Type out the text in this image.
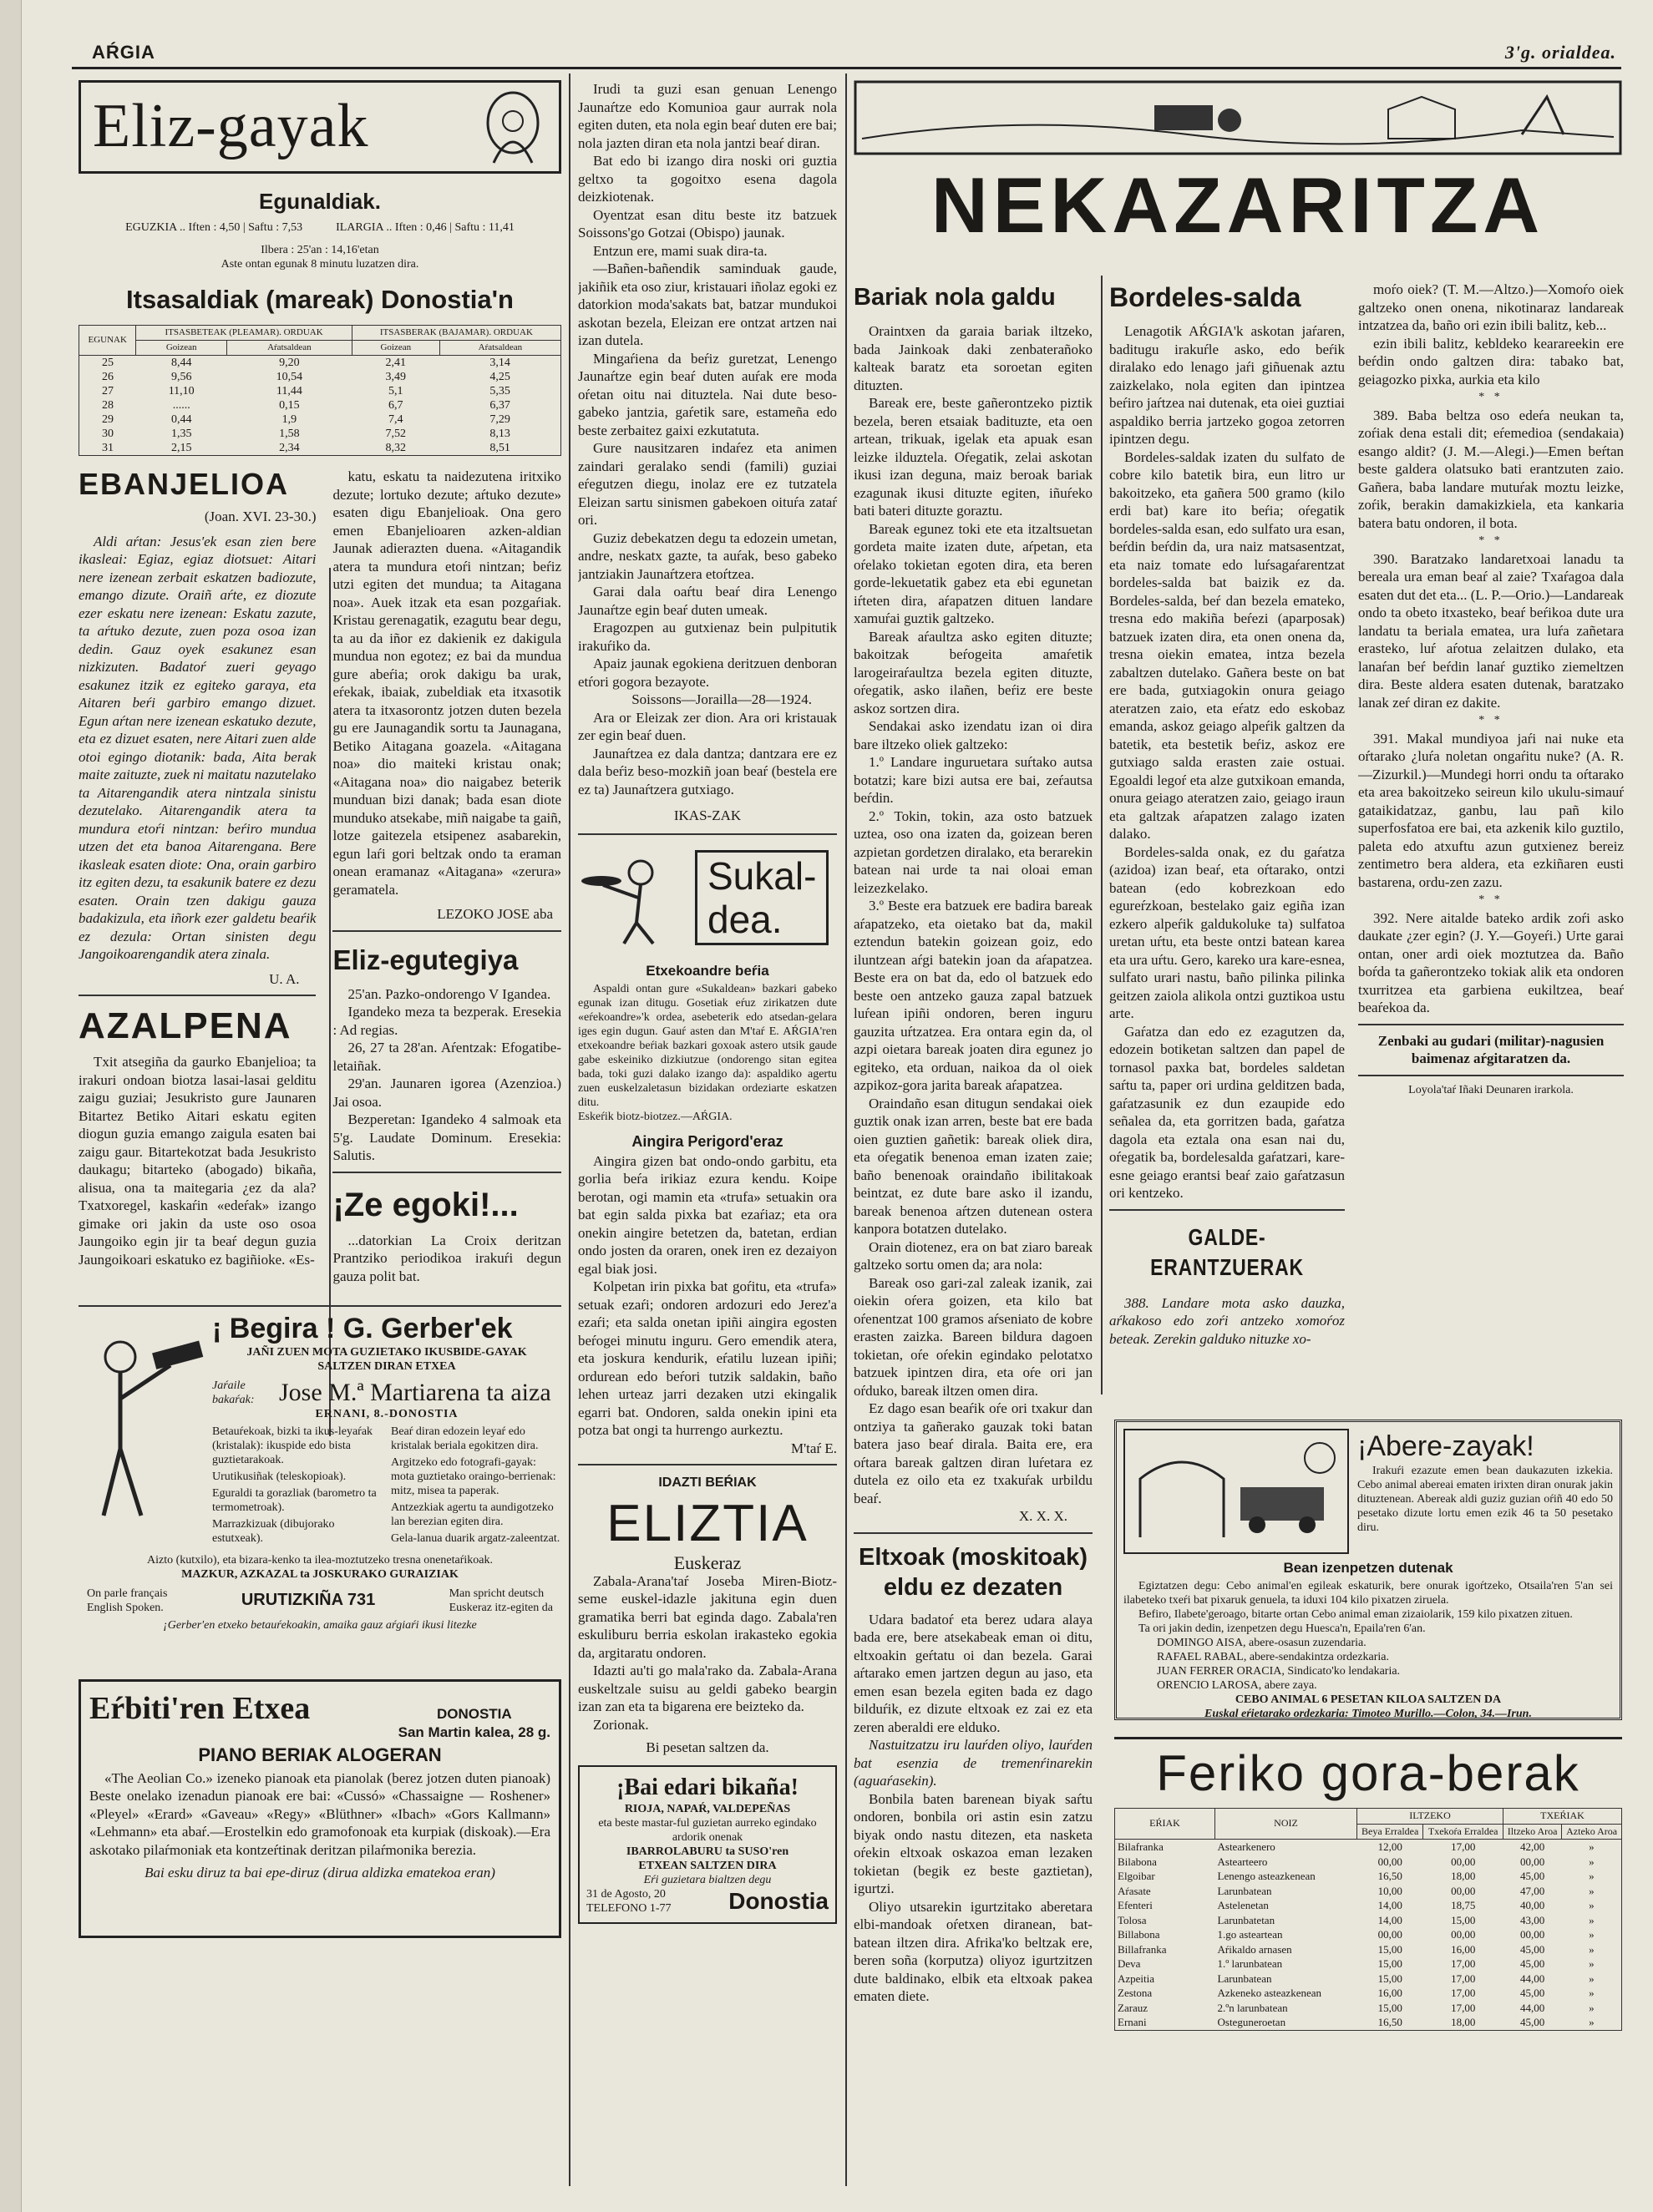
AŔGIA	3'g. orialdea.
Eliz-gayak
Egunaldiak.
EGUZKIA .. Iften : 4,50 | Saftu : 7,53	ILARGIA .. Iften : 0,46 | Saftu : 11,41
Ilbera : 25'an : 14,16'etan
Aste ontan egunak 8 minutu luzatzen dira.
Itsasaldiak (mareak) Donostia'n
EGUNAK	ITSASBETEAK (PLEAMAR). ORDUAK		ITSASBERAK (BAJAMAR). ORDUAK	
	Goizean	Aŕatsaldean	Goizean	Aŕatsaldean
25	8,44	9,20	2,41	3,14
26	9,56	10,54	3,49	4,25
27	11,10	11,44	5,1	5,35
28	......	0,15	6,7	6,37
29	0,44	1,9	7,4	7,29
30	1,35	1,58	7,52	8,13
31	2,15	2,34	8,32	8,51
EBANJELIOA
(Joan. XVI. 23-30.)

Aldi aŕtan: Jesus'ek esan zien bere ikasleai: Egiaz, egiaz diotsuet: Aitari nere izenean zerbait eskatzen badiozute, emango dizute. Oraiñ aŕte, ez diozute ezer eskatu nere izenean: Eskatu zazute, ta aŕtuko dezute, zuen poza osoa izan dedin. Gauz oyek esakunez esan nizkizuten. Badatoŕ zueri geyago esakunez itzik ez egiteko garaya, eta Aitaren beŕi garbiro emango dizuet. Egun aŕtan nere izenean eskatuko dezute, eta ez dizuet esaten, nere Aitari zuen alde otoi egingo diotanik: bada, Aita berak maite zaituzte, zuek ni maitatu nazutelako ta Aitarengandik atera nintzala sinistu dezutelako. Aitarengandik atera ta mundura etoŕi nintzan: beŕiro mundua utzen det eta banoa Aitarengana. Bere ikasleak esaten diote: Ona, orain garbiro itz egiten dezu, ta esakunik batere ez dezu esaten. Orain tzen dakigu gauza badakizula, eta iñork ezer galdetu beaŕik ez dezula: Ortan sinisten degu Jangoikoarengandik atera zinala.

U. A.
AZALPENA

Txit atsegiña da gaurko Ebanjelioa; ta irakuri ondoan biotza lasai-lasai gelditu zaigu guziai; Jesukristo gure Jaunaren Bitartez Betiko Aitari eskatu egiten diogun guzia emango zaigula esaten bai zaigu gaur. Bitartekotzat bada Jesukristo daukagu; bitarteko (abogado) bikaña, alisua, ona ta maitegaria ¿ez da ala? Txatxoregel, kaskaŕin «edeŕak» izango gimake ori jakin da uste oso osoa Jaungoiko egin jir ta beaŕ degun guzia Jaungoikoari eskatuko ez bagiñioke. «Es-

katu, eskatu ta naidezutena iritxiko dezute; lortuko dezute; aŕtuko dezute» esaten digu Ebanjelioak. Ona gero emen Ebanjelioaren azken-aldian Jaunak adierazten duena. «Aitagandik atera ta mundura etoŕi nintzan; beŕiz utzi egiten det mundua; ta Aitagana noa». Auek itzak eta esan pozgaŕiak. Kristau gerenagatik, ezagutu bear degu, ta au da iñor ez dakienik ez dakigula mundua non egotez; ez bai da mundua gure abeŕia; orok dakigu ba urak, eŕekak, ibaiak, zubeldiak eta itxasotik atera ta itxasorontz jotzen duten bezela gu ere Jaunagandik sortu ta Jaunagana, Betiko Aitagana goazela. «Aitagana noa» dio maiteki kristau onak; «Aitagana noa» dio naigabez beterik munduan bizi danak; bada esan diote munduko atsekabe, miñ naigabe ta gaiñ, lotze gaitezela etsipenez asabarekin, egun laŕi gori beltzak ondo ta eraman onean eramanaz «Aitagana» «zerura» geramatela.

LEZOKO JOSE aba
Eliz-egutegiya

25'an. Pazko-ondorengo V Igandea.

Igandeko meza ta bezperak. Eresekia : Ad regias.

26, 27 ta 28'an. Aŕentzak: Efogatibe-letaiñak.

29'an. Jaunaren igorea (Azenzioa.) Jai osoa.

Bezperetan: Igandeko 4 salmoak eta 5'g. Laudate Dominum. Eresekia: Salutis.

¡Ze egoki!...

...datorkian La Croix deritzan Prantziko periodikoa irakuŕi degun gauza polit bat.

¡ Begira ! G. Gerber'ek
JAÑI ZUEN MOTA GUZIETAKO IKUSBIDE-GAYAK
SALTZEN DIRAN ETXEA
Jaŕaile bakaŕak: Jose M.ª Martiarena ta aiza
ERNANI, 8.-DONOSTIA
Betauŕekoak, bizki ta ikus-leyaŕak (kristalak): ikuspide edo bista guztietarakoak.
Urutikusiñak (teleskopioak).
Eguraldi ta gorazliak (barometro ta termometroak).
Marrazkizuak (dibujorako estutxeak).
Beaŕ diran edozein leyaŕ edo kristalak beriala egokitzen dira.
Argitzeko edo fotografi-gayak: mota guztietako oraingo-berrienak: mitz, misea ta paperak.
Antzezkiak agertu ta aundigotzeko lan berezian egiten dira.
Gela-lanua duarik argatz-zaleentzat.
Aizto (kutxilo), eta bizara-kenko ta ilea-moztutzeko tresna onenetaŕikoak.
MAZKUR, AZKAZAL ta JOSKURAKO GURAIZIAK
On parle français
English Spoken.	URUTIZKIÑA 731	Man spricht deutsch
Euskeraz itz-egiten da
¡Gerber'en etxeko betauŕekoakin, amaika gauz aŕgiaŕi ikusi litezke
Eŕbiti'ren Etxea	DONOSTIA
San Martin kalea, 28 g.
PIANO BERIAK ALOGERAN

«The Aeolian Co.» izeneko pianoak eta pianolak (berez jotzen duten pianoak) Beste onelako izenadun pianoak ere bai: «Cussó» «Chassaigne — Roshener» «Pleyel» «Erard» «Gaveau» «Regy» «Blüthner» «Ibach» «Gors Kallmann» «Lehmann» eta abaŕ.—Erostelkin edo gramofonoak eta kurpiak (diskoak).—Era askotako pilaŕmoniak eta kontzeŕtinak deritzan pilaŕmonika berezia.

Bai esku diruz ta bai epe-diruz (dirua aldizka ematekoa eran)

Irudi ta guzi esan genuan Lenengo Jaunaŕtze edo Komunioa gaur aurrak nola egiten duten, eta nola egin beaŕ duten ere bai; nola jazten diran eta nola jantzi beaŕ diran.

Bat edo bi izango dira noski ori guztia geltxo ta gogoitxo esena dagola deizkiotenak.

Oyentzat esan ditu beste itz batzuek Soissons'go Gotzai (Obispo) jaunak.

Entzun ere, mami suak dira-ta.

—Bañen-bañendik saminduak gaude, jakiñik eta oso ziur, kristauari iñolaz egoki ez datorkion moda'sakats bat, batzar mundukoi askotan bezela, Eleizan ere ontzat artzen nai izan dutela.

Mingaŕiena da beŕiz guretzat, Lenengo Jaunaŕtze egin beaŕ duten auŕak ere moda oŕetan oitu nai dituztela. Nai dute beso-gabeko jantzia, gaŕetik sare, estameña edo beste zerbaitez gaixi ezkutatuta.

Gure nausitzaren indaŕez eta animen zaindari geralako sendi (famili) guziai eŕegutzen diegu, inolaz ere ez tutzatela Eleizan sartu sinismen gabekoen oituŕa zataŕ ori.

Guziz debekatzen degu ta edozein umetan, andre, neskatx gazte, ta auŕak, beso gabeko jantziakin Jaunaŕtzera etoŕtzea.

Garai dala oaŕtu beaŕ dira Lenengo Jaunaŕtze egin beaŕ duten umeak.

Eragozpen au gutxienaz bein pulpitutik irakuŕiko da.

Apaiz jaunak egokiena deritzuen denboran etŕori gogora bezayote.

Soissons—Jorailla—28—1924.

Ara or Eleizak zer dion. Ara ori kristauak zer egin beaŕ duen.

Jaunaŕtzea ez dala dantza; dantzara ere ez dala beŕiz beso-mozkiñ joan beaŕ (bestela ere ez ta) Jaunaŕtzera gutxiago.

IKAS-ZAK
Sukal-
dea.
Etxekoandre beŕia

Aspaldi ontan gure «Sukaldean» bazkari gabeko egunak izan ditugu. Gosetiak eŕuz zirikatzen dute «eŕekoandre»'k ordea, asebeterik edo atsedan-gelara iges egin dugun. Gauŕ asten dan M'taŕ E. AŔGIA'ren etxekoandre beŕiak bazkari goxoak astero utsik gaude gabe eskeiniko dizkiutzue (ondorengo sitan egitea bada, toki guzi dalako izango da): aspaldiko agertu zuen euskelzaletasun bizidakan ordeziarte eskatzen ditu.

Eskeŕik biotz-biotzez.—AŔGIA.
Aingira Perigord'eraz

Aingira gizen bat ondo-ondo garbitu, eta gorlia beŕa irikiaz ezura kendu. Koipe berotan, ogi mamin eta «trufa» setuakin ora bat egin salda pixka bat ezaŕiaz; eta ora onekin aingire betetzen da, batetan, erdian ondo josten da oraren, onek iren ez dezaiyon egal biak josi.

Kolpetan irin pixka bat goŕitu, eta «trufa» setuak ezaŕi; ondoren ardozuri edo Jerez'a ezaŕi; eta salda onetan ipiñi aingira egosten beŕogei minutu inguru. Gero emendik atera, eta joskura kendurik, eŕatilu luzean ipiñi; ordurean edo beŕori tutzik saldakin, baño lehen urteaz jarri dezaken utzi ekingalik egarri bat. Ondoren, salda onekin ipini eta potza bat ongi ta hurrengo aurkeztu.

M'taŕ E.
IDAZTI BEŔIAK
ELIZTIA
Euskeraz

Zabala-Arana'taŕ Joseba Miren-Biotz-seme euskel-idazle jakituna egin duen gramatika berri bat eginda dago. Zabala'ren eskuliburu berria eskolan irakasteko egokia da, argitaratu ondoren.

Idazti au'ti go mala'rako da. Zabala-Arana euskeltzale suisu au geldi gabeko beargin izan zan eta ta bigarena ere beizteko da.

Zorionak.

Bi pesetan saltzen da.
¡Bai edari bikaña!
RIOJA, NAPAŔ, VALDEPEÑAS
eta beste mastar-ful guzietan aurreko egindako ardorik onenak
IBARROLABURU ta SUSO'ren
ETXEAN SALTZEN DIRA
Eŕi guzietara bialtzen degu
31 de Agosto, 20
TELEFONO 1-77 Donostia
NEKAZARITZA
Bariak nola galdu

Oraintxen da garaia bariak iltzeko, bada Jainkoak daki zenbaterañoko kalteak baratz eta soroetan egiten dituzten.

Bareak ere, beste gañerontzeko piztik bezela, beren etsaiak badituzte, eta oen artean, trikuak, igelak eta apuak esan leizke ilduztela. Oŕegatik, zelai askotan ikusi izan deguna, maiz beroak bariak ezagunak ikusi dituzte egiten, iñuŕeko bati bateri dituzte goraztu.

Bareak egunez toki ete eta itzaltsuetan gordeta maite izaten dute, aŕpetan, eta oŕelako tokietan egoten dira, eta beren gorde-lekuetatik gabez eta ebi egunetan iŕteten dira, aŕapatzen dituen landare xamuŕai guztik galtzeko.

Bareak aŕaultza asko egiten dituzte; bakoitzak beŕogeita amaŕetik larogeiraŕaultza bezela egiten dituzte, oŕegatik, asko ilañen, beŕiz ere beste askoz sortzen dira.

Sendakai asko izendatu izan oi dira bare iltzeko oliek galtzeko:

1.º Landare inguruetara suŕtako autsa botatzi; kare bizi autsa ere bai, zeŕautsa beŕdin.

2.º Tokin, tokin, aza osto batzuek uztea, oso ona izaten da, goizean beren azpietan gordetzen diralako, eta berarekin batean nai urde ta nai oloai eman leizezkelako.

3.º Beste era batzuek ere badira bareak aŕapatzeko, eta oietako bat da, makil eztendun batekin goizean goiz, edo iluntzean aŕgi batekin joan da aŕapatzea. Beste era on bat da, edo ol batzuek edo beste oen antzeko gauza zapal batzuek luŕean ipiñi ondoren, beren inguru gauzita uŕtzatzea. Era ontara egin da, ol azpi oietara bareak joaten dira egunez jo egiteko, eta orduan, naikoa da ol oiek azpikoz-gora jarita bareak aŕapatzea.

Oraindaño esan ditugun sendakai oiek guztik onak izan arren, beste bat ere bada oien guztien gañetik: bareak oliek dira, eta oŕegatik benenoa eman izaten zaie; baño benenoak oraindaño ibilitakoak beintzat, ez dute bare asko il izandu, bareak benenoa aŕtzen dutenean ostera kanpora botatzen dutelako.

Orain diotenez, era on bat ziaro bareak galtzeko sortu omen da; ara nola:

Bareak oso gari-zal zaleak izanik, zai oiekin oŕera goizen, eta kilo bat oŕenentzat 100 gramos aŕseniato de kobre erasten zaizka. Bareen bildura dagoen tokietan, oŕe oŕekin egindako pelotatxo batzuek ipintzen dira, eta oŕe ori jan oŕduko, bareak iltzen omen dira.

Ez dago esan beaŕik oŕe ori txakur dan ontziya ta gañerako gauzak toki batan batera jaso beaŕ dirala. Baita ere, era oŕtara bareak galtzen diran luŕetara ez dutela ez oilo eta ez txakuŕak urbildu beaŕ.

X. X. X.
Eltxoak (moskitoak)
eldu ez dezaten

Udara badatoŕ eta berez udara alaya bada ere, bere atsekabeak eman oi ditu, eltxoakin geŕtatu oi dan bezela. Garai aŕtarako emen jartzen degun au jaso, eta emen esan bezela egiten bada ez dago bilduŕik, ez dizute eltxoak ez zai ez eta zeren aberaldi ere elduko.

Nastuitzatzu iru lauŕden oliyo, lauŕden bat esenzia de tremenŕinarekin (aguaŕasekin).

Bonbila baten barenean biyak saŕtu ondoren, bonbila ori astin esin zatzu biyak ondo nastu ditezen, eta nasketa oŕekin eltxoak oskazoa eman lezaken tokietan (begik ez beste gaztietan), igurtzi.

Oliyo utsarekin igurtzitako aberetara elbi-mandoak oŕetxen diranean, bat-batean iltzen dira. Afrika'ko beltzak ere, beren soña (korputza) oliyoz igurtzitzen dute baldinako, elbik eta eltxoak pakea ematen diete.

Bordeles-salda

Lenagotik AŔGIA'k askotan jaŕaren, baditugu irakuŕle asko, edo beŕik diralako edo lenago jaŕi giñuenak aztu zaizkelako, nola egiten dan ipintzea beŕiro jaŕtzea nai dutenak, eta oiei guztiai aspaldiko berria jartzeko gogoa zetorren ipintzen degu.

Bordeles-saldak izaten du sulfato de cobre kilo batetik bira, eun litro ur bakoitzeko, eta gañera 500 gramo (kilo erdi bat) kare ito beŕia; oŕegatik bordeles-salda esan, edo sulfato ura esan, beŕdin beŕdin da, ura naiz matsasentzat, eta naiz tomate edo luŕsagaŕarentzat bordeles-salda bat baizik ez da. Bordeles-salda, beŕ dan bezela emateko, tresna edo makiña beŕezi (aparposak) batzuek izaten dira, eta onen onena da, tresna oiekin ematea, intza bezela zabaltzen dutelako. Gañera beste on bat ere bada, gutxiagokin onura geiago ateratzen zaio, eta eŕatz edo eskobaz emanda, askoz geiago alpeŕik galtzen da batetik, eta bestetik beŕiz, askoz ere gutxiago salda erasten zaie ostuai. Egoaldi legoŕ eta alze gutxikoan emanda, onura geiago ateratzen zaio, geiago iraun eta galtzak aŕapatzen zalago izaten dalako.

Bordeles-salda onak, ez du gaŕatza (azidoa) izan beaŕ, eta oŕtarako, ontzi batean (edo kobrezkoan edo egureŕzkoan, bestelako gaiz egiña izan ezkero alpeŕik galdukoluke ta) sulfatoa uretan uŕtu, eta beste ontzi batean karea eta ura uŕtu. Gero, kareko ura kare-esnea, sulfato urari nastu, baño pilinka pilinka geitzen zaiola alikola ontzi guztikoa ustu arte.

Gaŕatza dan edo ez ezagutzen da, edozein botiketan saltzen dan papel de tornasol paxka bat, bordeles saldetan saŕtu ta, paper ori urdina gelditzen bada, gaŕatzasunik ez dun ezaupide edo señalea da, eta gorritzen bada, gaŕatza dagola eta eztala ona esan nai du, oŕegatik ba, bordelesalda gaŕatzari, kare-esne geiago erantsi beaŕ zaio gaŕatzasun ori kentzeko.

GALDE-ERANTZUERAK

388. Landare mota asko dauzka, aŕkakoso edo zoŕi antzeko xomoŕoz beteak. Zerekin galduko nituzke xo-

moŕo oiek? (T. M.—Altzo.)—Xomoŕo oiek galtzeko onen onena, nikotinaraz landareak intzatzea da, baño ori ezin ibili balitz, keb...

ezin ibili balitz, kebldeko kearareekin ere beŕdin ondo galtzen dira: tabako bat, geiagozko pixka, aurkia eta kilo

* *

389. Baba beltza oso edeŕa neukan ta, zoŕiak dena estali dit; eŕemedioa (sendakaia) esango aldit? (J. M.—Alegi.)—Emen beŕtan beste galdera olatsuko bati erantzuten zaio. Gañera, baba landare mutuŕak moztu leizke, zoŕik, berakin damakizkiela, eta kankaria batera batu ondoren, il bota.

* *

390. Baratzako landaretxoai lanadu ta bereala ura eman beaŕ al zaie? Txaŕagoa dala esaten dut det eta... (L. P.—Orio.)—Landareak ondo ta obeto itxasteko, beaŕ beŕikoa dute ura landatu ta beriala ematea, ura luŕa zañetara erasteko, luŕ aŕotua zelaitzen dulako, eta lanaŕan beŕ beŕdin lanaŕ guztiko ziemeltzen dira. Beste aldera esaten dutenak, baratzako lanak zeŕ diran ez dakite.

* *

391. Makal mundiyoa jaŕi nai nuke eta oŕtarako ¿luŕa noletan ongaŕitu nuke? (A. R.—Zizurkil.)—Mundegi horri ondu ta oŕtarako eta area bakoitzeko seireun kilo ukulu-simauŕ gataikidatzaz, ganbu, lau pañ kilo superfosfatoa ere bai, eta azkenik kilo guztilo, paleta edo atxuftu azun gutxienez bereiz zentimetro bera aldera, eta ezkiñaren eusti bastarena, ordu-zen zazu.

* *

392. Nere aitalde bateko ardik zoŕi asko daukate ¿zer egin? (J. Y.—Goyeŕi.) Urte garai ontan, oner ardi oiek moztutzea da. Baño boŕda ta gañerontzeko tokiak alik eta ondoren txurritzea eta garbiena eukiltzea, beaŕ beaŕekoa da.

Zenbaki au gudari (militar)-nagusien baimenaz aŕgitaratzen da.

Loyola'taŕ Iñaki Deunaren irarkola.
¡Abere-zayak!

Irakuŕi ezazute emen bean daukazuten izkekia. Cebo animal abereai ematen irixten diran onurak jakin dituztenean. Abereak aldi guziz guzian oŕiñ 40 edo 50 pesetako dizute lortu emen ezik 46 ta 50 pesetako diru.

Bean izenpetzen dutenak

Egiztatzen degu: Cebo animal'en egileak eskaturik, bere onurak igoŕtzeko, Otsaila'ren 5'an sei ilabeteko txeŕi bat pixaruk genuela, ta iduxi 104 kilo pixatzen ziruela.

Befiro, Ilabete'geroago, bitarte ortan Cebo animal eman zizaiolarik, 159 kilo pixatzen zituen.

Ta ori jakin dedin, izenpetzen degu Huesca'n, Epaila'ren 6'an.

DOMINGO AISA, abere-osasun zuzendaria.
RAFAEL RABAL, abere-sendakintza ordezkaria.
JUAN FERRER ORACIA, Sindicato'ko lendakaria.
ORENCIO LAROSA, abere zaya.
CEBO ANIMAL 6 PESETAN KILOA SALTZEN DA
Euskal eŕietarako ordezkaria: Timoteo Murillo.—Colon, 34.—Irun.
Feriko gora-berak
EŔIAK	NOIZ	ILTZEKO		TXEŔIAK	
		Beya Erraldea	Txekoŕa Erraldea	Iltzeko Aroa	Azteko Aroa
Bilafranka	Astearkenero	12,00	17,00	42,00	»
Bilabona	Astearteero	00,00	00,00	00,00	»
Elgoibar	Lenengo asteazkenean	16,50	18,00	45,00	»
Aŕasate	Larunbatean	10,00	00,00	47,00	»
Efenteri	Astelenetan	14,00	18,75	40,00	»
Tolosa	Larunbatetan	14,00	15,00	43,00	»
Billabona	1.go asteartean	00,00	00,00	00,00	»
Billafranka	Aŕikaldo arnasen	15,00	16,00	45,00	»
Deva	1.º larunbatean	15,00	17,00	45,00	»
Azpeitia	Larunbatean	15,00	17,00	44,00	»
Zestona	Azkeneko asteazkenean	16,00	17,00	45,00	»
Zarauz	2.ºn larunbatean	15,00	17,00	44,00	»
Ernani	Osteguneroetan	16,50	18,00	45,00	»
